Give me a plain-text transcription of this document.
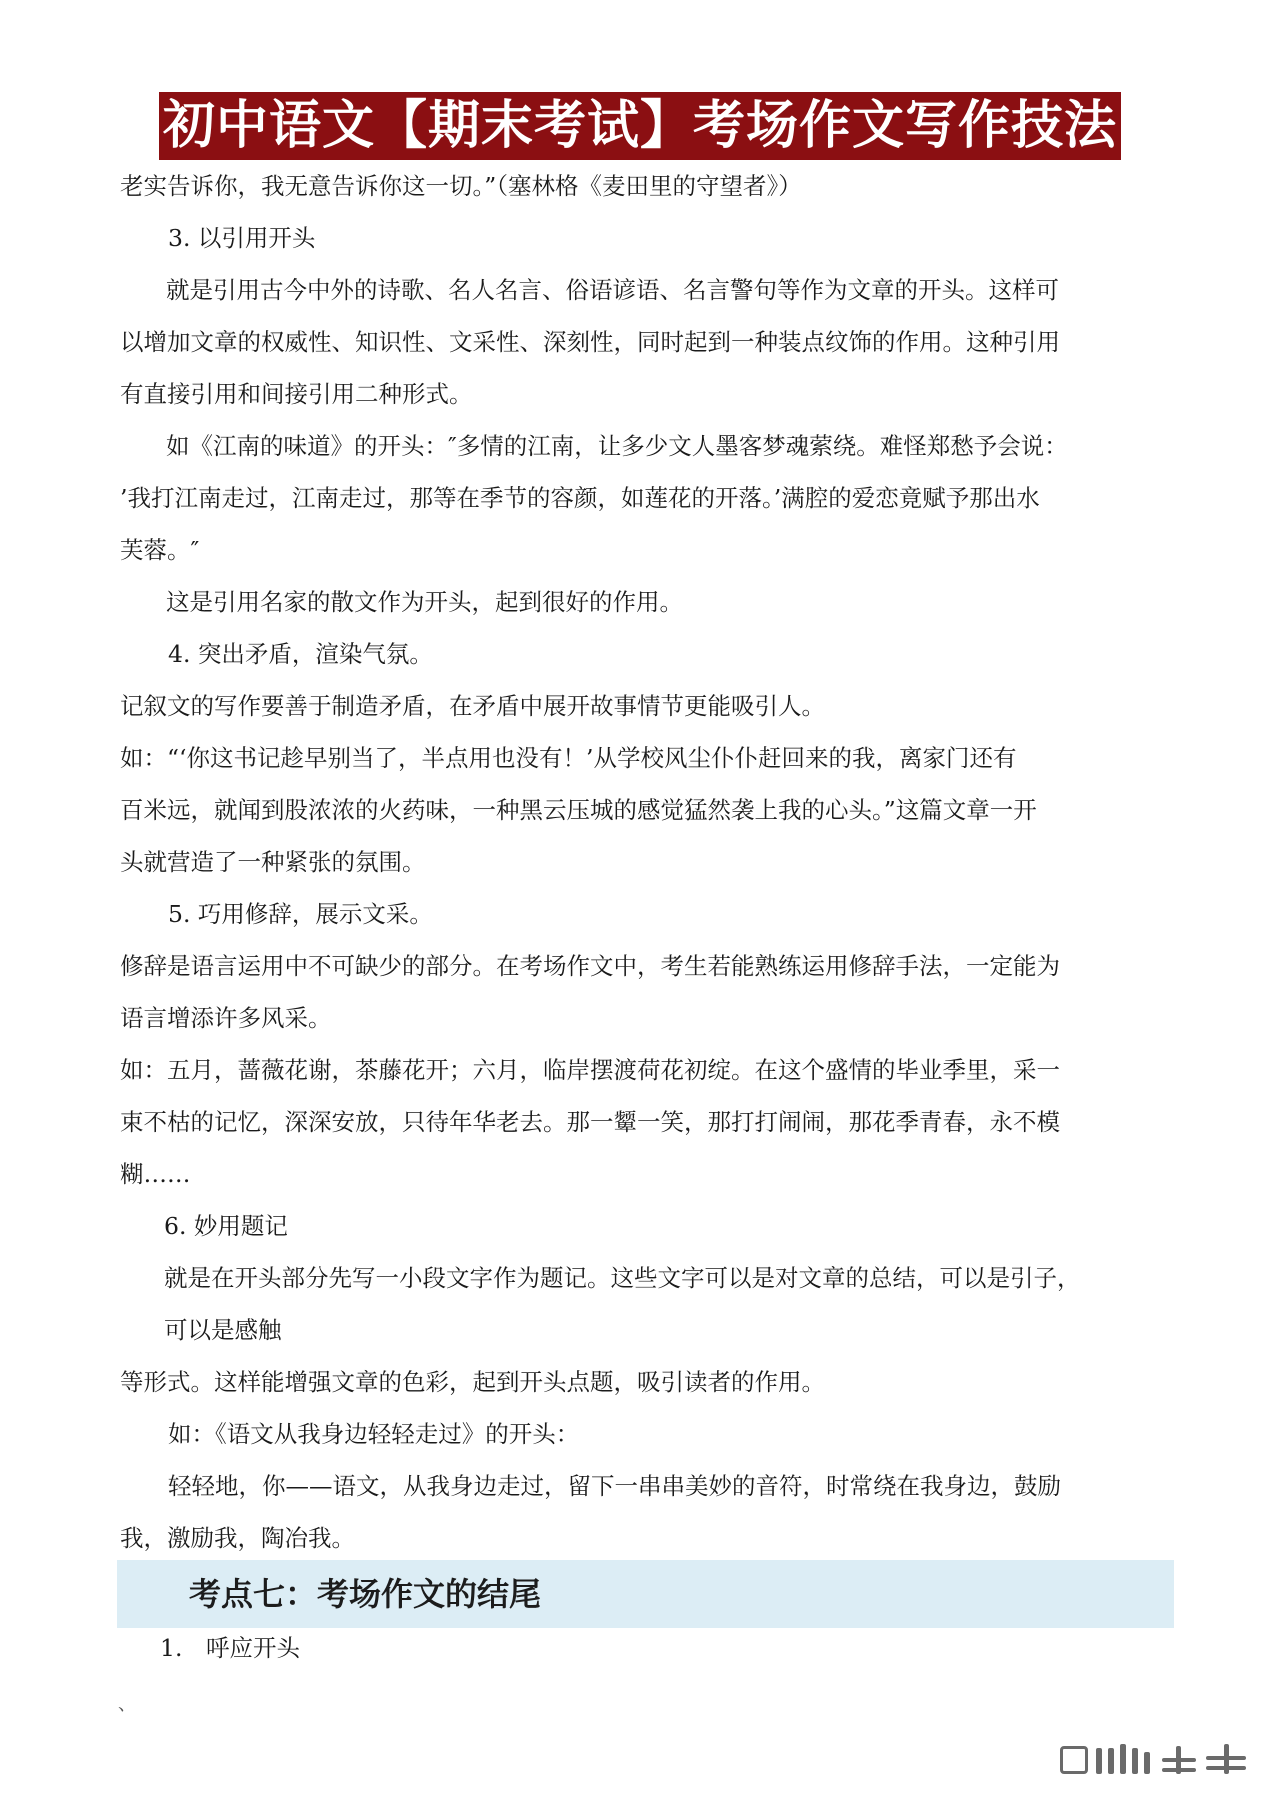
初中语文【期末考试】考场作文写作技法

老实告诉你，我无意告诉你这一切。”（塞林格《麦田里的守望者》）

3. 以引用开头

就是引用古今中外的诗歌、名人名言、俗语谚语、名言警句等作为文章的开头。这样可

以增加文章的权威性、知识性、文采性、深刻性，同时起到一种装点纹饰的作用。这种引用

有直接引用和间接引用二种形式。

如《江南的味道》的开头：″多情的江南，让多少文人墨客梦魂萦绕。难怪郑愁予会说：

’我打江南走过，江南走过，那等在季节的容颜，如莲花的开落。’满腔的爱恋竟赋予那出水

芙蓉。″

这是引用名家的散文作为开头，起到很好的作用。

4. 突出矛盾，渲染气氛。

记叙文的写作要善于制造矛盾，在矛盾中展开故事情节更能吸引人。

如：“‘你这书记趁早别当了，半点用也没有！’从学校风尘仆仆赶回来的我，离家门还有

百米远，就闻到股浓浓的火药味，一种黑云压城的感觉猛然袭上我的心头。”这篇文章一开

头就营造了一种紧张的氛围。

5. 巧用修辞，展示文采。

修辞是语言运用中不可缺少的部分。在考场作文中，考生若能熟练运用修辞手法，一定能为

语言增添许多风采。

如：五月，蔷薇花谢，茶藤花开；六月，临岸摆渡荷花初绽。在这个盛情的毕业季里，采一

束不枯的记忆，深深安放，只待年华老去。那一颦一笑，那打打闹闹，那花季青春，永不模

糊……

6. 妙用题记

就是在开头部分先写一小段文字作为题记。这些文字可以是对文章的总结，可以是引子，

可以是感触

等形式。这样能增强文章的色彩，起到开头点题，吸引读者的作用。

如：《语文从我身边轻轻走过》的开头：

轻轻地，你——语文，从我身边走过，留下一串串美妙的音符，时常绕在我身边，鼓励

我，激励我，陶冶我。

考点七：考场作文的结尾

1. 呼应开头

、
